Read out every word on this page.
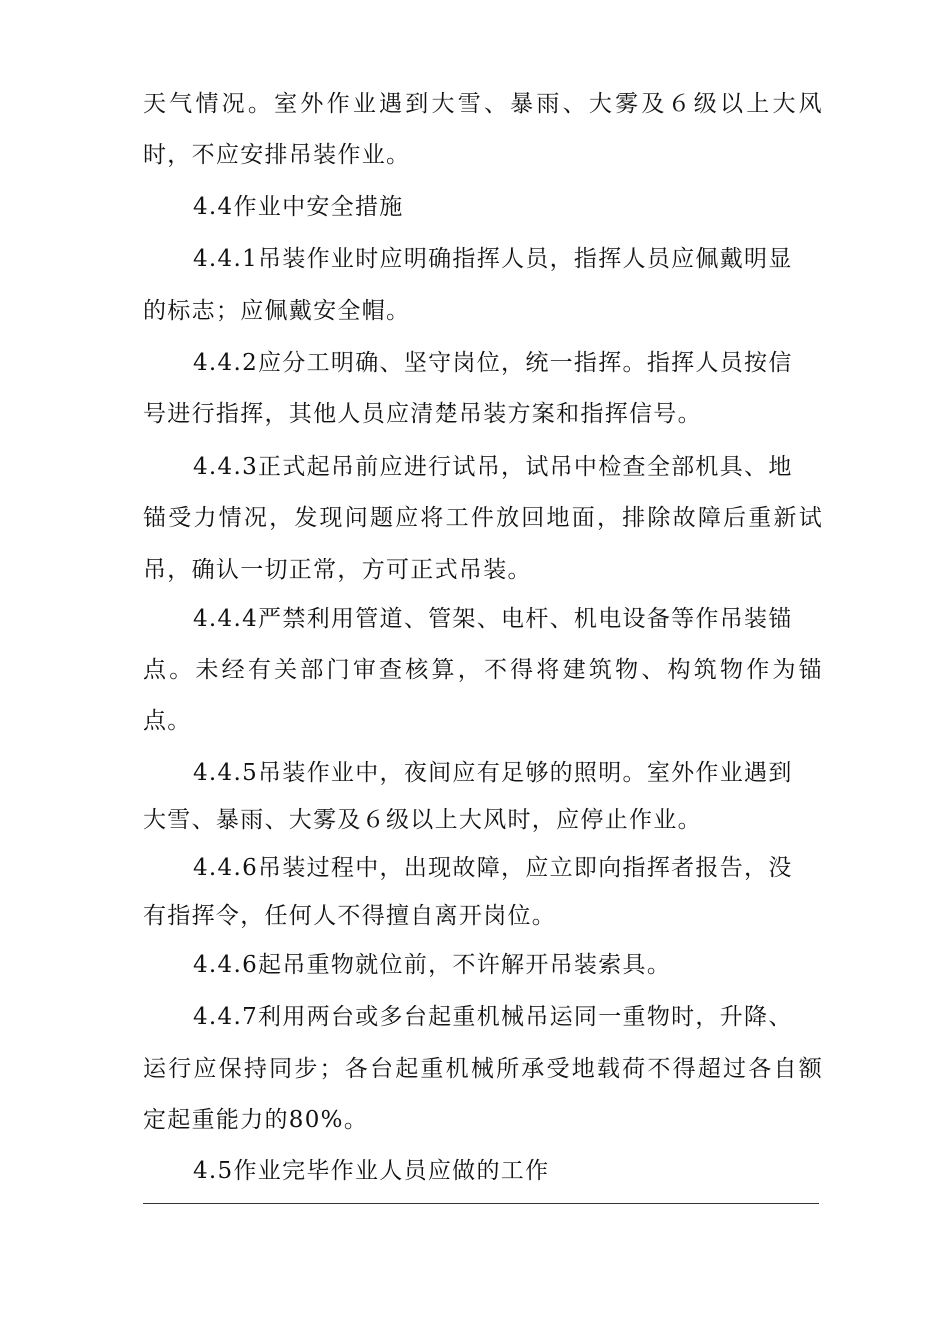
天气情况。室外作业遇到大雪、暴雨、大雾及６级以上大风
时，不应安排吊装作业。
4.4作业中安全措施
4.4.1吊装作业时应明确指挥人员，指挥人员应佩戴明显
的标志；应佩戴安全帽。
4.4.2应分工明确、坚守岗位，统一指挥。指挥人员按信
号进行指挥，其他人员应清楚吊装方案和指挥信号。
4.4.3正式起吊前应进行试吊，试吊中检查全部机具、地
锚受力情况，发现问题应将工件放回地面，排除故障后重新试
吊，确认一切正常，方可正式吊装。
4.4.4严禁利用管道、管架、电杆、机电设备等作吊装锚
点。未经有关部门审查核算，不得将建筑物、构筑物作为锚
点。
4.4.5吊装作业中，夜间应有足够的照明。室外作业遇到
大雪、暴雨、大雾及６级以上大风时，应停止作业。
4.4.6吊装过程中，出现故障，应立即向指挥者报告，没
有指挥令，任何人不得擅自离开岗位。
4.4.6起吊重物就位前，不许解开吊装索具。
4.4.7利用两台或多台起重机械吊运同一重物时，升降、
运行应保持同步；各台起重机械所承受地载荷不得超过各自额
定起重能力的80%。
4.5作业完毕作业人员应做的工作
